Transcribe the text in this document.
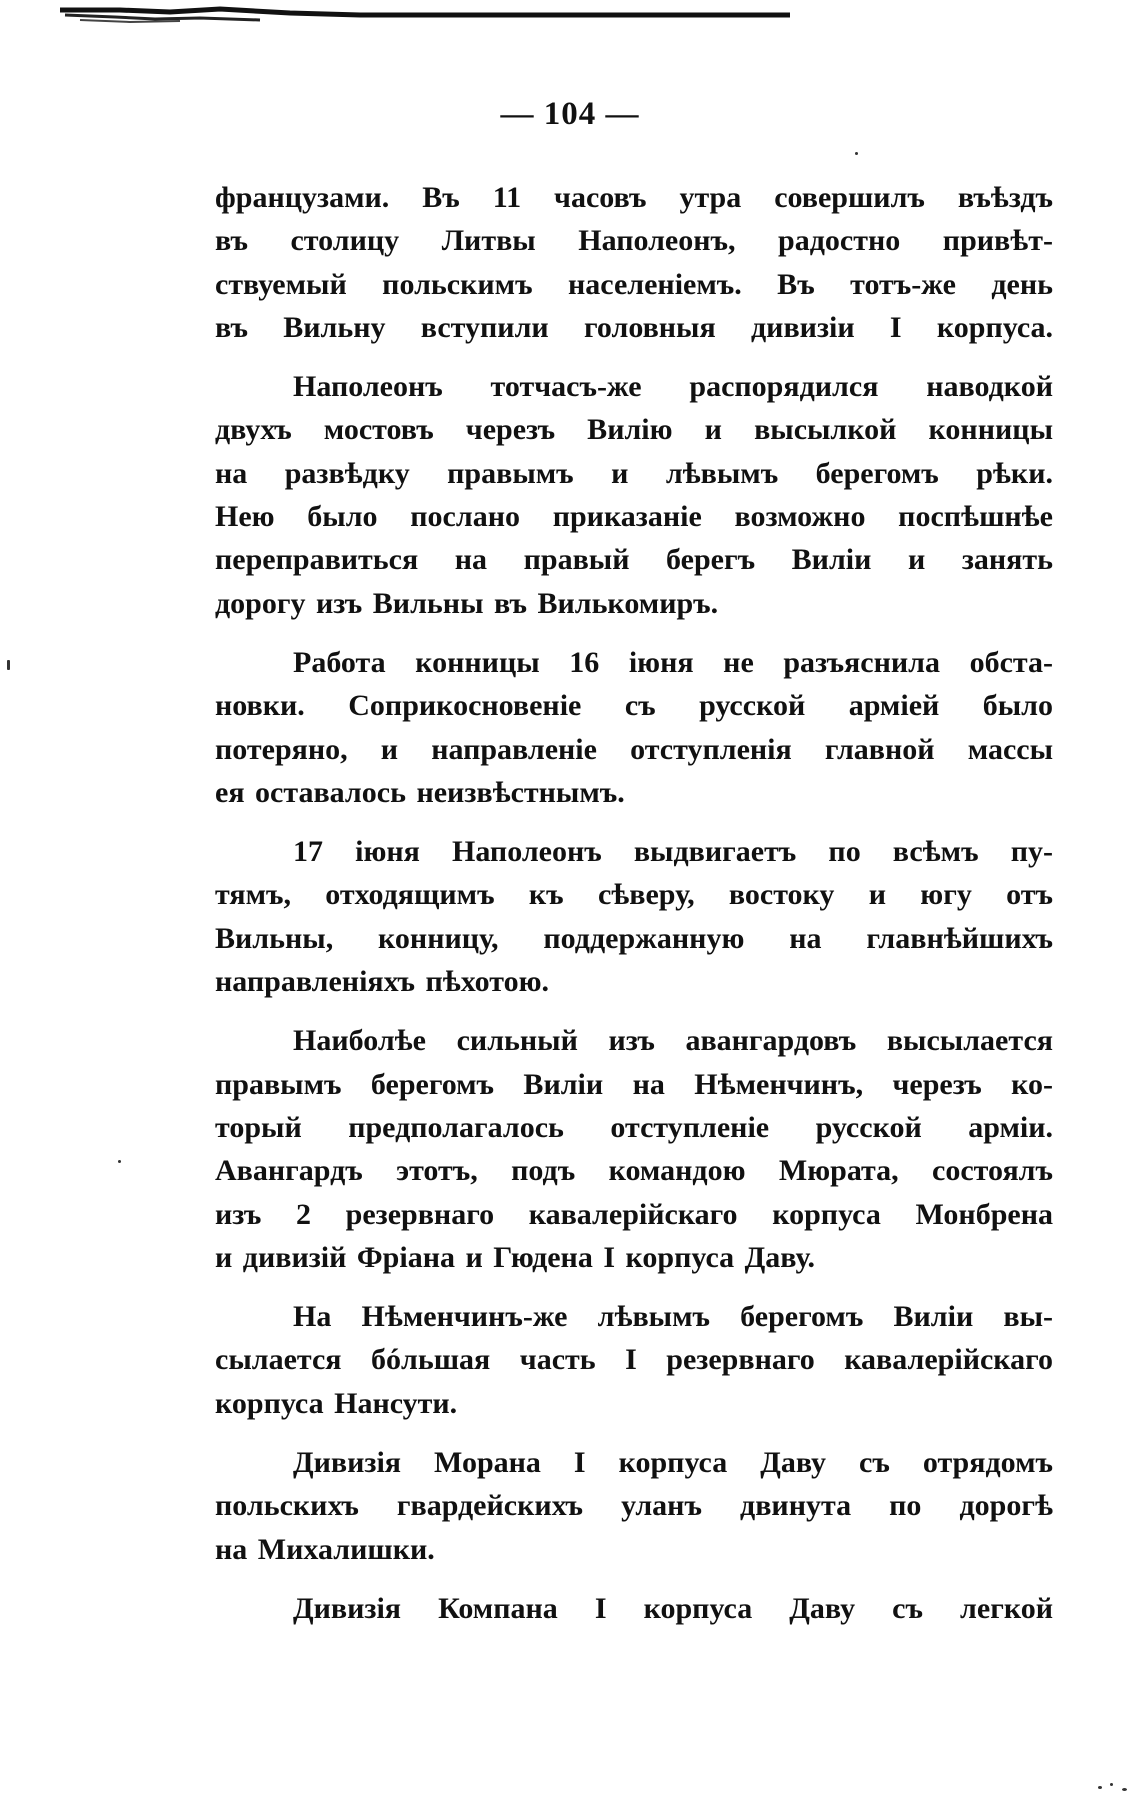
— 104 —

французами. Въ 11 часовъ утра совершилъ въѣздъ
въ столицу Литвы Наполеонъ, радостно привѣт-
ствуемый польскимъ населеніемъ. Въ тотъ-же день
въ Вильну вступили головныя дивизіи I корпуса.

Наполеонъ тотчасъ-же распорядился наводкой
двухъ мостовъ черезъ Вилію и высылкой конницы
на развѣдку правымъ и лѣвымъ берегомъ рѣки.
Нею было послано приказаніе возможно поспѣшнѣе
переправиться на правый берегъ Виліи и занять
дорогу изъ Вильны въ Вилькомиръ.

Работа конницы 16 іюня не разъяснила обста-
новки. Соприкосновеніе съ русской арміей было
потеряно, и направленіе отступленія главной массы
ея оставалось неизвѣстнымъ.

17 іюня Наполеонъ выдвигаетъ по всѣмъ пу-
тямъ, отходящимъ къ сѣверу, востоку и югу отъ
Вильны, конницу, поддержанную на главнѣйшихъ
направленіяхъ пѣхотою.

Наиболѣе сильный изъ авангардовъ высылается
правымъ берегомъ Виліи на Нѣменчинъ, черезъ ко-
торый предполагалось отступленіе русской арміи.
Авангардъ этотъ, подъ командою Мюрата, состоялъ
изъ 2 резервнаго кавалерійскаго корпуса Монбрена
и дивизій Фріана и Гюдена I корпуса Даву.

На Нѣменчинъ-же лѣвымъ берегомъ Виліи вы-
сылается бóльшая часть I резервнаго кавалерійскаго
корпуса Нансути.

Дивизія Морана I корпуса Даву съ отрядомъ
польскихъ гвардейскихъ уланъ двинута по дорогѣ
на Михалишки.

Дивизія Компана I корпуса Даву съ легкой
